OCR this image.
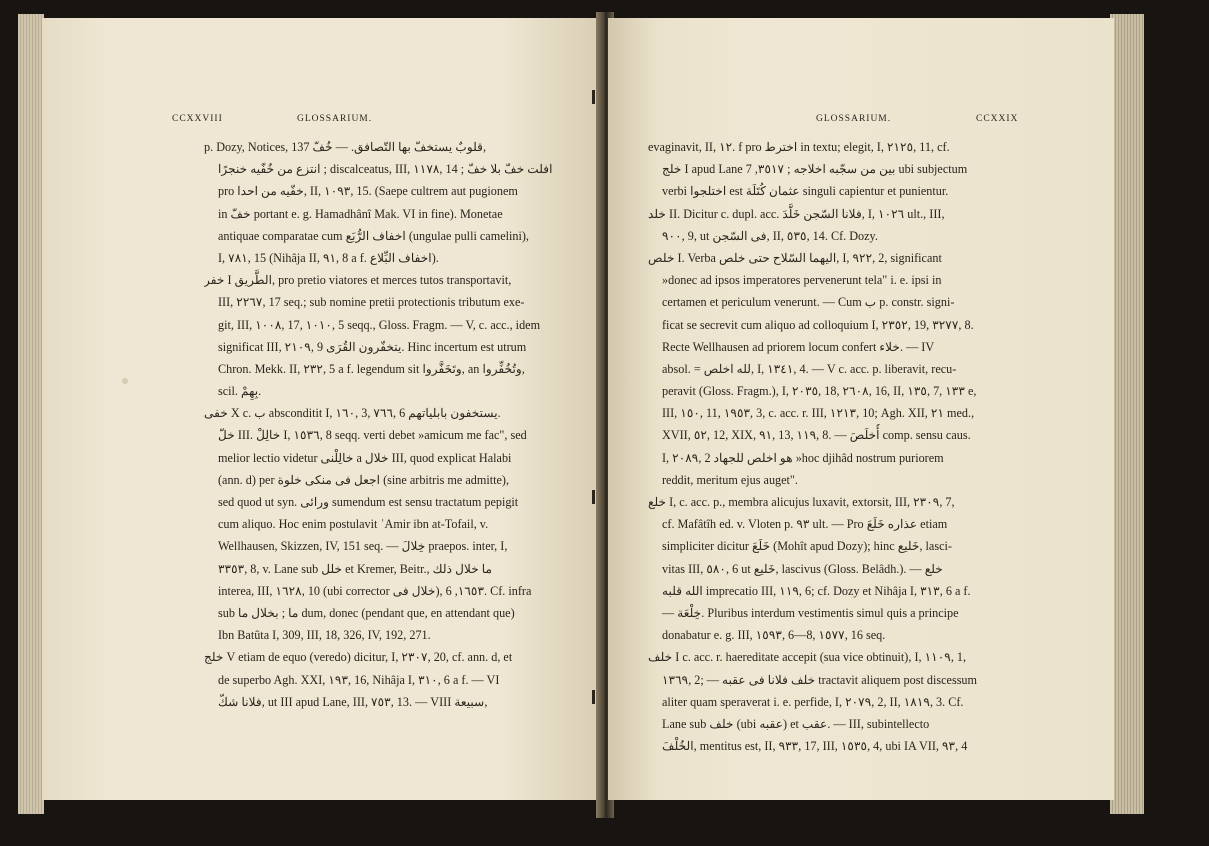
CCXXVIII	GLOSSARIUM.
p. Dozy, Notices, 137 قلوبٌ يستخفّ بها التّصافق. — خُفّ,
انتزع من خُفّيه خنجرًا ; discalceatus, III, ١١٧٨, 14 ; افلت خفّ بلا خفّ
pro خفّيه من احدا, II, ١٠٩٣, 15. (Saepe cultrem aut pugionem
in خفّ portant e. g. Hamadhânî Mak. VI in fine). Monetae
antiquae comparatae cum اخفاف الرُّبَع (ungulae pulli camelini),
I, ٧٨١, 15 (Nihâja II, ٩١, 8 a f. اخفاف البِّلاع).
خفر I الطَّريق, pro pretio viatores et merces tutos transportavit,
III, ٢٢٦٧, 17 seq.; sub nomine pretii protectionis tributum exe-
git, III, ١٠٠٨, 17, ١٠١٠, 5 seqq., Gloss. Fragm. — V, c. acc., idem
significat III, ٢١٠٩, 9 يتخفّرون القُرَى. Hinc incertum est utrum
Chron. Mekk. II, ٢٣٢, 5 a f. legendum sit وتَخَفَّروا, an وتُخُفِّروا,
scil. بِهِمْ.
خفى X c. ب absconditit I, ١٦٠, 3, ٧٦٦, 6 يستخفون بابلياتهم.
خلّ III. خالِلْ I, ١٥٣٦, 8 seqq. verti debet »amicum me fac", sed
melior lectio videtur خالِلْنى a خلال III, quod explicat Halabi
(ann. d) per اجعل فى منكى خلوة (sine arbitris me admitte),
sed quod ut syn. ورائى sumendum est sensu tractatum pepigit
cum aliquo. Hoc enim postulavit ʿAmir ibn at-Tofail, v.
Wellhausen, Skizzen, IV, 151 seq. — خِلالَ praepos. inter, I,
٣٣٥٣, 8, v. Lane sub خلل et Kremer, Beitr., ما خلال ذلك
interea, III, ١٦٢٨, 10 (ubi corrector خلال فى), ١٦٥٣, 6. Cf. infra
sub ما ; بخلال ما dum, donec (pendant que, en attendant que)
Ibn Batûta I, 309, III, 18, 326, IV, 192, 271.
خلج V etiam de equo (veredo) dicitur, I, ٢٣٠٧, 20, cf. ann. d, et
de superbo Agh. XXI, ١٩٣, 16, Nihâja I, ٣١٠, 6 a f. — VI
فلانا شكّ, ut III apud Lane, III, ٧٥٣, 13. — VIII سبيعة,
GLOSSARIUM.	CCXXIX
evaginavit, II, ١٢. f pro اخترط in textu; elegit, I, ٢١٢٥, 11, cf.
خلج I apud Lane بين من سجّبه اخلاجه ; ٣٥١٧, 7 ubi subjectum
verbi اختلجوا est عثمان كُتَلَة singuli capientur et punientur.
خلد II. Dicitur c. dupl. acc. فلانا السّجن خَلَّدَ, I, ١٠٢٦ ult., III,
٩٠٠, 9, ut فى السّجن, II, ٥٣٥, 14. Cf. Dozy.
خلص I. Verba اليهما السّلاح حتى خلص, I, ٩٢٢, 2, significant
»donec ad ipsos imperatores pervenerunt tela" i. e. ipsi in
certamen et periculum venerunt. — Cum ب p. constr. signi-
ficat se secrevit cum aliquo ad colloquium I, ٢٣٥٢, 19, ٣٢٧٧, 8.
Recte Wellhausen ad priorem locum confert خلاء. — IV
absol. = لله اخلص, I, ١٣٤١, 4. — V c. acc. p. liberavit, recu-
peravit (Gloss. Fragm.), I, ٢٠٣٥, 18, ٢٦٠٨, 16, II, ١٣٥, 7, ١٣٣ e,
III, ١٥٠, 11, ١٩٥٣, 3, c. acc. r. III, ١٢١٣, 10; Agh. XII, ٢١ med.,
XVII, ٥٢, 12, XIX, ٩١, 13, ١١٩, 8. — أُخلَصَ comp. sensu caus.
I, ٢٠٨٩, 2 هو اخلص للجهاد »hoc djihâd nostrum puriorem
reddit, meritum ejus auget".
خلع I, c. acc. p., membra alicujus luxavit, extorsit, III, ٢٣٠٩, 7,
cf. Mafâtîh ed. v. Vloten p. ٩٣ ult. — Pro عذاره خَلَعَ etiam
simpliciter dicitur خَلَعَ (Mohît apud Dozy); hinc خَليع, lasci-
vitas III, ٥٨٠, 6 ut خَليع, lascivus (Gloss. Belâdh.). — خلع
الله قلبه imprecatio III, ١١٩, 6; cf. Dozy et Nihâja I, ٣١٣, 6 a f.
— خِلْعَة. Pluribus interdum vestimentis simul quis a principe
donabatur e. g. III, ١٥٩٣, 6—8, ١٥٧٧, 16 seq.
خلف I c. acc. r. haereditate accepit (sua vice obtinuit), I, ١١٠٩, 1,
١٣٦٩, 2; — خلف فلانا فى عقبه tractavit aliquem post discessum
aliter quam speraverat i. e. perfide, I, ٢٠٧٩, 2, II, ١٨١٩, 3. Cf.
Lane sub خلف (ubi عقبه) et عقب. — III, subintellecto
الخُلْفَ, mentitus est, II, ٩٣٣, 17, III, ١٥٣٥, 4, ubi IA VII, ٩٣, 4
